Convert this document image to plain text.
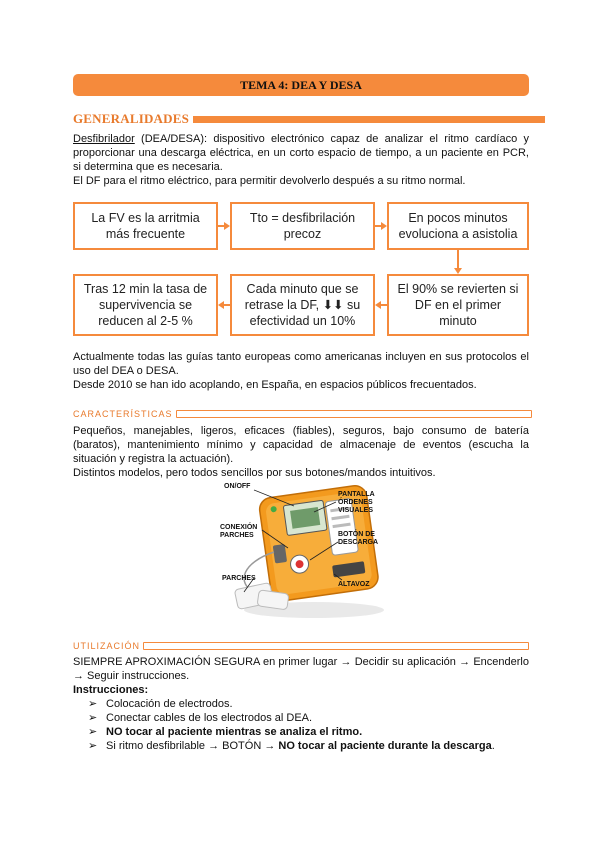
TEMA 4: DEA Y DESA
GENERALIDADES

Desfibrilador (DEA/DESA): dispositivo electrónico capaz de analizar el ritmo cardíaco y proporcionar una descarga eléctrica, en un corto espacio de tiempo, a un paciente en PCR, si determina que es necesaria.

El DF para el ritmo eléctrico, para permitir devolverlo después a su ritmo normal.

La FV es la arritmia más frecuente
Tto = desfibrilación precoz
En pocos minutos evoluciona a asistolia
El 90% se revierten si DF en el primer minuto
Cada minuto que se retrase la DF, ⬇⬇ su efectividad un 10%
Tras 12 min la tasa de supervivencia se reducen al 2-5 %

Actualmente todas las guías tanto europeas como americanas incluyen en sus protocolos el uso del DEA o DESA.

Desde 2010 se han ido acoplando, en España, en espacios públicos frecuentados.

CARACTERÍSTICAS

Pequeños, manejables, ligeros, eficaces (fiables), seguros, bajo consumo de batería (baratos), mantenimiento mínimo y capacidad de almacenaje de eventos (escucha la situación y registra la actuación).

Distintos modelos, pero todos sencillos por sus botones/mandos intuitivos.

ON/OFF
PANTALLA ÓRDENES VISUALES
CONEXIÓN PARCHES	BOTÓN DE DESCARGA
PARCHES
ALTAVOZ
UTILIZACIÓN

SIEMPRE APROXIMACIÓN SEGURA en primer lugar → Decidir su aplicación → Encenderlo → Seguir instrucciones.

Instrucciones:

➢ Colocación de electrodos.
➢ Conectar cables de los electrodos al DEA.
➢ NO tocar al paciente mientras se analiza el ritmo.
➢ Si ritmo desfibrilable → BOTÓN → NO tocar al paciente durante la descarga.
